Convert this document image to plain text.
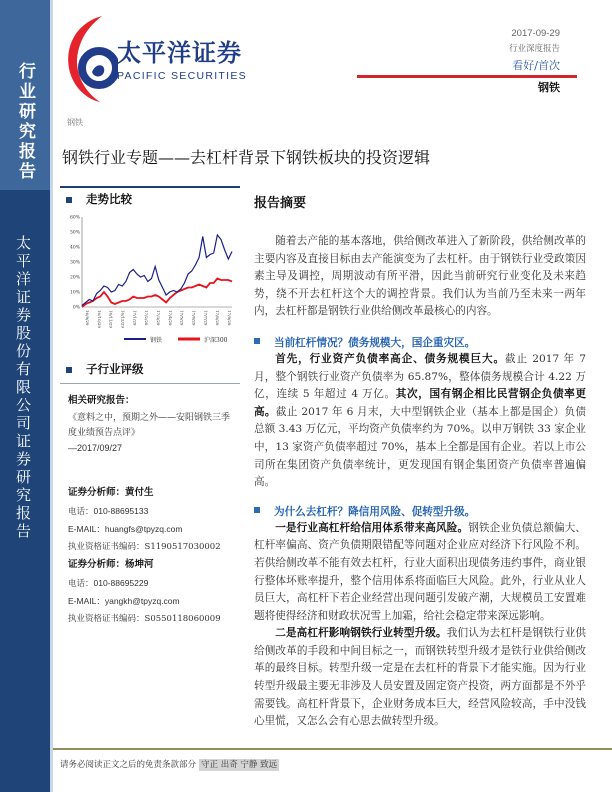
行业研究报告
太平洋证券股份有限公司证券研究报告
太平洋证券
PACIFIC SECURITIES
2017-09-29
行业深度报告
看好/首次
钢铁
钢铁
钢铁行业专题——去杠杆背景下钢铁板块的投资逻辑
走势比较
0%
10%
20%
30%
40%
50%
60%
16/9/29 16/10/29 16/11/29 16/12/29 17/1/29 17/2/28 17/3/29 17/4/29 17/5/29 17/6/29 17/7/29 17/8/29 17/9/29
钢铁	沪深300
子行业评级
相关研究报告：
《意料之中，预期之外——安阳钢铁三季度业绩预告点评》
—2017/09/27
证券分析师：黄付生
电话：010-88695133
E-MAIL：huangfs@tpyzq.com
执业资格证书编码：S1190517030002
证券分析师：杨坤河
电话：010-88695229
E-MAIL：yangkh@tpyzq.com
执业资格证书编码：S0550118060009
报告摘要
随着去产能的基本落地，供给侧改革进入了新阶段，供给侧改革的主要内容及直接目标由去产能演变为了去杠杆。由于钢铁行业受政策因素主导及调控，周期波动有所平滑，因此当前研究行业变化及未来趋势，绕不开去杠杆这个大的调控背景。我们认为当前乃至未来一两年内，去杠杆都是钢铁行业供给侧改革最核心的内容。
当前杠杆情况？债务规模大，国企重灾区。
首先，行业资产负债率高企、债务规模巨大。截止 2017 年 7 月，整个钢铁行业资产负债率为 65.87%，整体债务规模合计 4.22 万亿，连续 5 年超过 4 万亿。其次，国有钢企相比民营钢企负债率更高。截止 2017 年 6 月末，大中型钢铁企业（基本上都是国企）负债总额 3.43 万亿元，平均资产负债率约为 70%。以申万钢铁 33 家企业中，13 家资产负债率超过 70%，基本上全都是国有企业。若以上市公司所在集团资产负债率统计，更发现国有钢企集团资产负债率普遍偏高。
为什么去杠杆？降信用风险、促转型升级。
一是行业高杠杆给信用体系带来高风险。钢铁企业负债总额偏大、杠杆率偏高、资产负债期限错配等问题对企业应对经济下行风险不利。若供给侧改革不能有效去杠杆，行业大面积出现债务违约事件，商业银行整体坏账率提升，整个信用体系将面临巨大风险。此外，行业从业人员巨大，高杠杆下若企业经营出现问题引发破产潮，大规模员工安置难题将使得经济和财政状况雪上加霜，给社会稳定带来深远影响。
二是高杠杆影响钢铁行业转型升级。我们认为去杠杆是钢铁行业供给侧改革的手段和中间目标之一，而钢铁转型升级才是铁行业供给侧改革的最终目标。转型升级一定是在去杠杆的背景下才能实施。因为行业转型升级最主要无非涉及人员安置及固定资产投资，两方面都是不外乎需要钱。高杠杆背景下，企业财务成本巨大，经营风险较高，手中没钱心里慌，又怎么会有心思去做转型升级。
请务必阅读正文之后的免责条款部分 守正 出奇 宁静 致远
